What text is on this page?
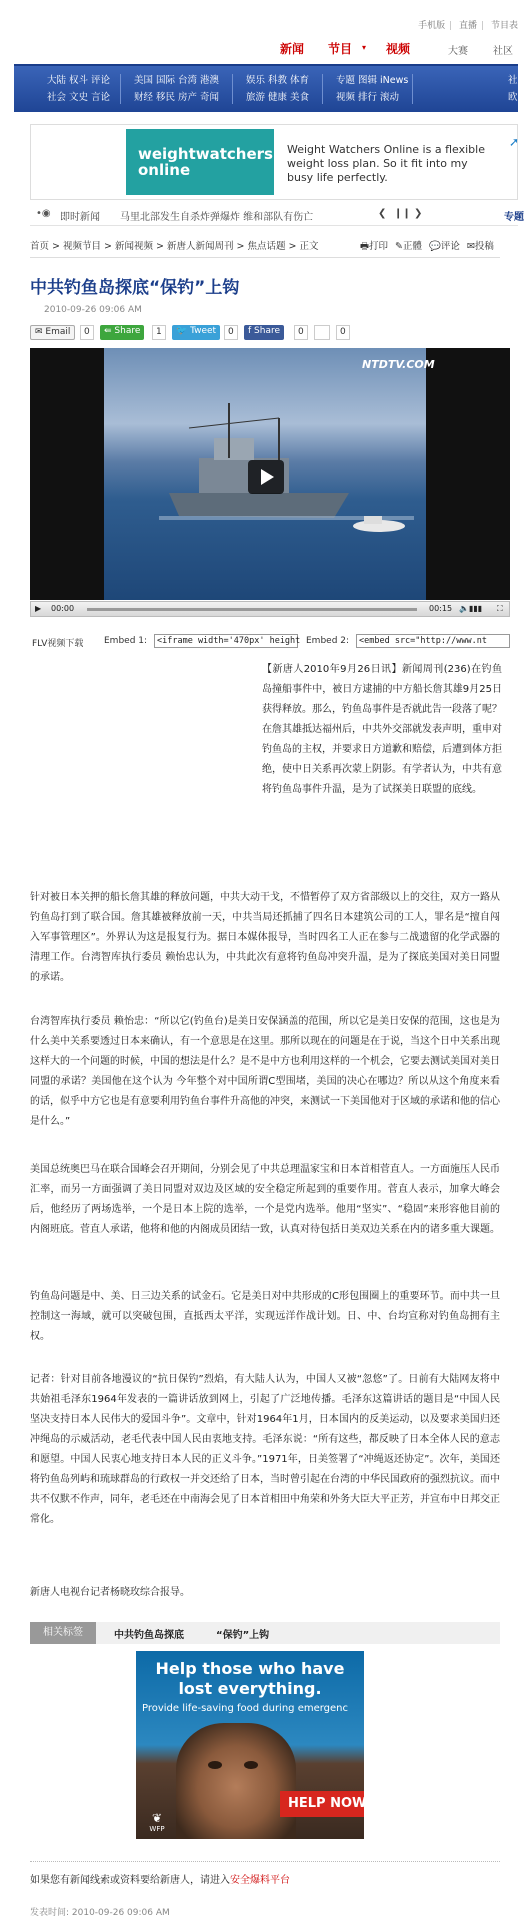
手机版 | 直播 | 节目表
新闻 节目 ▾ 视频	大赛	社区
大陆 权斗 评论
社会 文史 言论
美国 国际 台湾 港澳
财经 移民 房产 奇闻
娱乐 科教 体育
旅游 健康 美食
专题 图辑 iNews
视频 排行 滚动
社
欧
weightwatchers
online
Weight Watchers Online is a flexible weight loss plan. So it fit into my busy life perfectly.
➚
•◉ 即时新闻 马里北部发生自杀炸弹爆炸 维和部队有伤亡	❮ ❙❙ ❯	专题
首页 > 视频节目 > 新闻视频 > 新唐人新闻周刊 > 焦点话题 > 正文	🖶打印 ✎正體 💬评论 ✉投稿
中共钓鱼岛探底“保钓”上钩
2010-09-26 09:06 AM
✉ Email	0	⇚ Share	1	🐦 Tweet	0	f Share	0	0
NTDTV.COM
▶ 00:00	00:15 🔈▮▮▮ ⛶
FLV视频下载 Embed 1:	<iframe width='470px' height Embed 2:	<embed src="http://www.nt
【新唐人2010年9月26日讯】新闻周刊(236)在钓鱼岛撞船事件中，被日方逮捕的中方船长詹其雄9月25日获得释放。那么，钓鱼岛事件是否就此告一段落了呢？在詹其雄抵达福州后，中共外交部就发表声明，重申对钓鱼岛的主权，并要求日方道歉和赔偿，后遭到体方拒绝，使中日关系再次蒙上阴影。有学者认为，中共有意将钓鱼岛事件升温，是为了试探美日联盟的底线。
针对被日本关押的船长詹其雄的释放问题，中共大动干戈，不惜暂停了双方省部级以上的交往，双方一路从钓鱼岛打到了联合国。詹其雄被释放前一天，中共当局还抓捕了四名日本建筑公司的工人，罪名是“擅自闯入军事管理区”。外界认为这是报复行为。据日本媒体报导，当时四名工人正在参与二战遗留的化学武器的清理工作。台湾智库执行委员 赖怡忠认为，中共此次有意将钓鱼岛冲突升温，是为了探底美国对美日同盟的承诺。
台湾智库执行委员 赖怡忠：“所以它(钓鱼台)是美日安保涵盖的范围，所以它是美日安保的范围，这也是为什么美中关系要透过日本来确认，有一个意思是在这里。那所以现在的问题是在于说，当这个日中关系出现这样大的一个问题的时候，中国的想法是什么？是不是中方也利用这样的一个机会，它要去测试美国对美日同盟的承诺？美国他在这个认为 今年整个对中国所谓C型围堵，美国的决心在哪边？所以从这个角度来看的话，似乎中方它也是有意要利用钓鱼台事件升高他的冲突，来测试一下美国他对于区域的承诺和他的信心是什么。”
美国总统奥巴马在联合国峰会召开期间，分别会见了中共总理温家宝和日本首相菅直人。一方面施压人民币汇率，而另一方面强调了美日同盟对双边及区域的安全稳定所起到的重要作用。菅直人表示，加拿大峰会后，他经历了两场选举，一个是日本上院的选举，一个是党内选举。他用“坚实”、“稳固”来形容他目前的内阁班底。菅直人承诺，他将和他的内阁成员团结一致，认真对待包括日美双边关系在内的诸多重大课题。
钓鱼岛问题是中、美、日三边关系的试金石。它是美日对中共形成的C形包围圈上的重要环节。而中共一旦控制这一海域，就可以突破包围，直抵西太平洋，实现远洋作战计划。日、中、台均宣称对钓鱼岛拥有主权。
记者：针对目前各地漫议的“抗日保钓”烈焰，有大陆人认为，中国人又被“忽悠”了。日前有大陆网友将中共始祖毛泽东1964年发表的一篇讲话放到网上，引起了广泛地传播。毛泽东这篇讲话的题目是“中国人民坚决支持日本人民伟大的爱国斗争”。文章中，针对1964年1月，日本国内的反美运动，以及要求美国归还冲绳岛的示威活动，老毛代表中国人民由衷地支持。毛泽东说：“所有这些，都反映了日本全体人民的意志和愿望。中国人民衷心地支持日本人民的正义斗争。”1971年，日美签署了“冲绳返还协定”。次年，美国还将钓鱼岛列屿和琉球群岛的行政权一并交还给了日本，当时曾引起在台湾的中华民国政府的强烈抗议。而中共不仅默不作声，同年，老毛还在中南海会见了日本首相田中角荣和外务大臣大平正芳，并宣布中日邦交正常化。
新唐人电视台记者杨晓玫综合报导。
相关标签	中共钓鱼岛探底	“保钓”上钩
Help those who have lost everything.
Provide life-saving food during emergenc
HELP NOW
❦
WFP
如果您有新闻线索或资料要给新唐人，请进入安全爆料平台
发表时间: 2010-09-26 09:06 AM
